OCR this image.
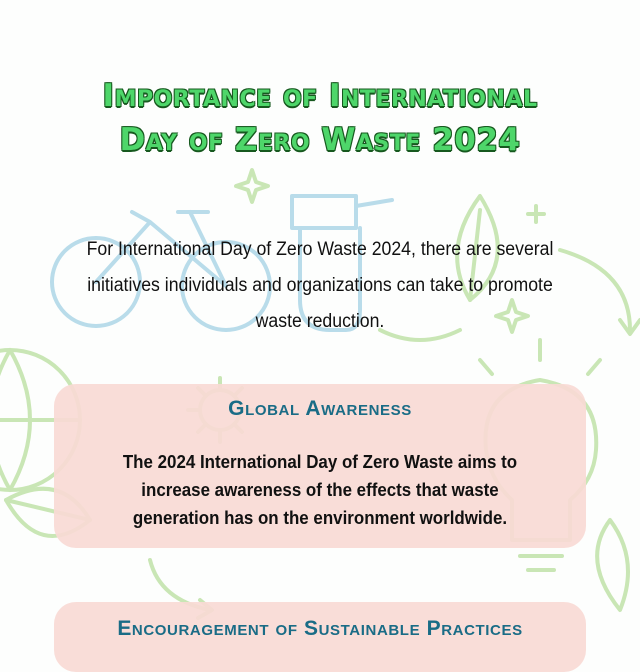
Importance of International
Day of Zero Waste 2024

For International Day of Zero Waste 2024, there are several
initiatives individuals and organizations can take to promote
waste reduction.

Global Awareness

The 2024 International Day of Zero Waste aims to
increase awareness of the effects that waste
generation has on the environment worldwide.

Encouragement of Sustainable Practices
